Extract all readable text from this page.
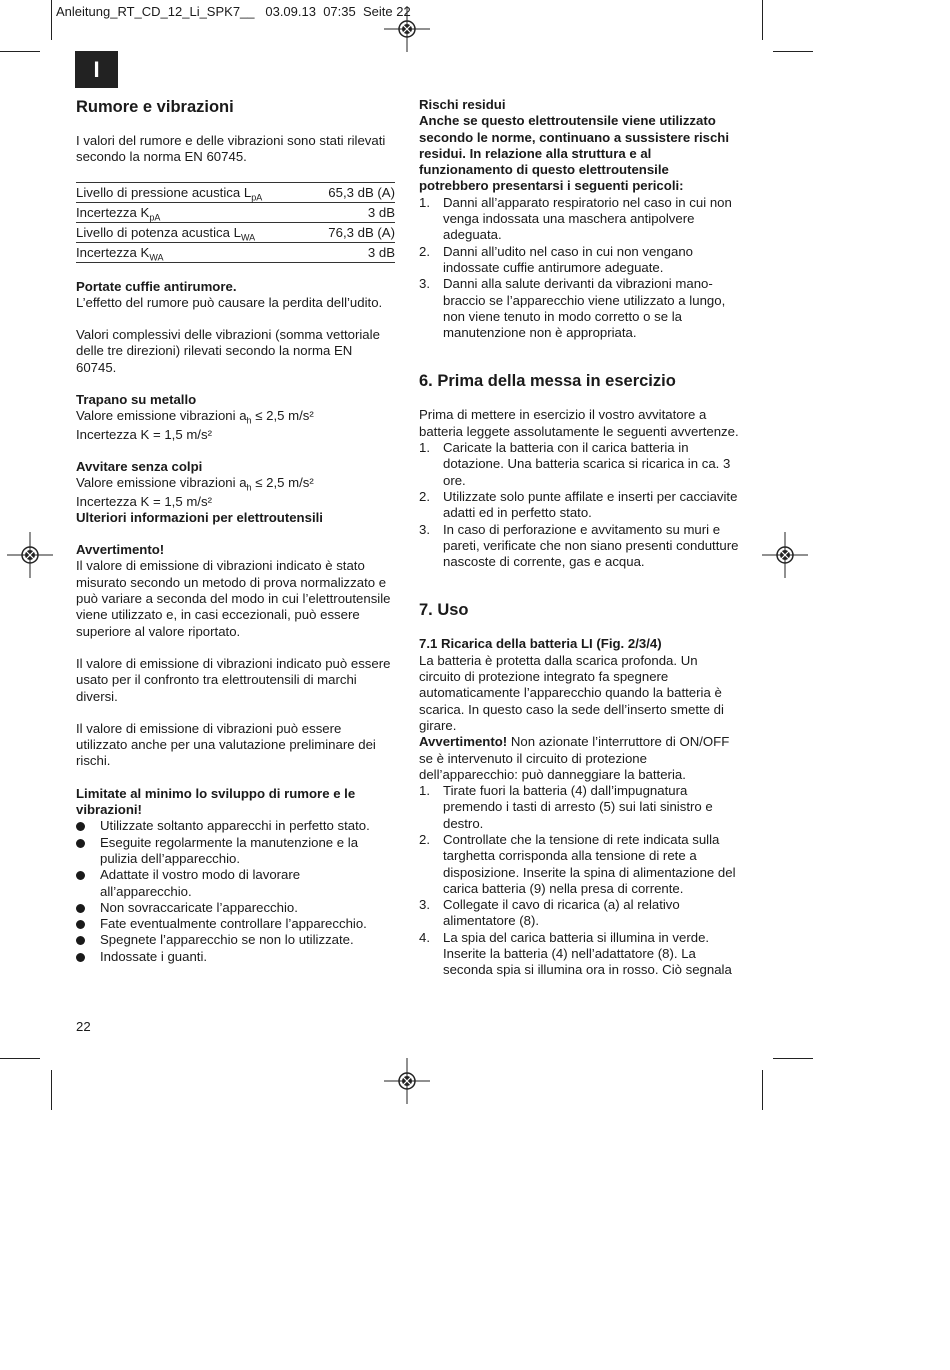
Anleitung_RT_CD_12_Li_SPK7__ 03.09.13 07:35 Seite 22
I
Rumore e vibrazioni

I valori del rumore e delle vibrazioni sono stati rilevati secondo la norma EN 60745.

Livello di pressione acustica $L_{pA}$	65,3 dB (A)
Incertezza $K_{pA}$	3 dB
Livello di potenza acustica $L_{WA}$	76,3 dB (A)
Incertezza $K_{WA}$	3 dB

Portate cuffie antirumore.

L’effetto del rumore può causare la perdita dell’udito.

Valori complessivi delle vibrazioni (somma vettoriale delle tre direzioni) rilevati secondo la norma EN 60745.

Trapano su metallo

Valore emissione vibrazioni $a_h \le 2,5$ m/s²

Incertezza K = 1,5 m/s²

Avvitare senza colpi

Valore emissione vibrazioni $a_h \le 2,5$ m/s²

Incertezza K = 1,5 m/s²

Ulteriori informazioni per elettroutensili

Avvertimento!

Il valore di emissione di vibrazioni indicato è stato misurato secondo un metodo di prova normalizzato e può variare a seconda del modo in cui l’elettroutensile viene utilizzato e, in casi eccezionali, può essere superiore al valore riportato.

Il valore di emissione di vibrazioni indicato può essere usato per il confronto tra elettroutensili di marchi diversi.

Il valore di emissione di vibrazioni può essere utilizzato anche per una valutazione preliminare dei rischi.

Limitate al minimo lo sviluppo di rumore e le vibrazioni!

Utilizzate soltanto apparecchi in perfetto stato.
Eseguite regolarmente la manutenzione e la pulizia dell’apparecchio.
Adattate il vostro modo di lavorare all’apparecchio.
Non sovraccaricate l’apparecchio.
Fate eventualmente controllare l’apparecchio.
Spegnete l’apparecchio se non lo utilizzate.
Indossate i guanti.

Rischi residui

Anche se questo elettroutensile viene utilizzato secondo le norme, continuano a sussistere rischi residui. In relazione alla struttura e al funzionamento di questo elettroutensile potrebbero presentarsi i seguenti pericoli:

1. Danni all’apparato respiratorio nel caso in cui non venga indossata una maschera antipolvere adeguata.
2. Danni all’udito nel caso in cui non vengano indossate cuffie antirumore adeguate.
3. Danni alla salute derivanti da vibrazioni mano-braccio se l’apparecchio viene utilizzato a lungo, non viene tenuto in modo corretto o se la manutenzione non è appropriata.
6. Prima della messa in esercizio

Prima di mettere in esercizio il vostro avvitatore a batteria leggete assolutamente le seguenti avvertenze.

1. Caricate la batteria con il carica batteria in dotazione. Una batteria scarica si ricarica in ca. 3 ore.
2. Utilizzate solo punte affilate e inserti per cacciavite adatti ed in perfetto stato.
3. In caso di perforazione e avvitamento su muri e pareti, verificate che non siano presenti condutture nascoste di corrente, gas e acqua.
7. Uso

7.1 Ricarica della batteria LI (Fig. 2/3/4)

La batteria è protetta dalla scarica profonda. Un circuito di protezione integrato fa spegnere automaticamente l’apparecchio quando la batteria è scarica. In questo caso la sede dell’inserto smette di girare.

Avvertimento! Non azionate l’interruttore di ON/OFF se è intervenuto il circuito di protezione dell’apparecchio: può danneggiare la batteria.

1. Tirate fuori la batteria (4) dall’impugnatura premendo i tasti di arresto (5) sui lati sinistro e destro.
2. Controllate che la tensione di rete indicata sulla targhetta corrisponda alla tensione di rete a disposizione. Inserite la spina di alimentazione del carica batteria (9) nella presa di corrente.
3. Collegate il cavo di ricarica (a) al relativo alimentatore (8).
4. La spia del carica batteria si illumina in verde. Inserite la batteria (4) nell’adattatore (8). La seconda spia si illumina ora in rosso. Ciò segnala
22
